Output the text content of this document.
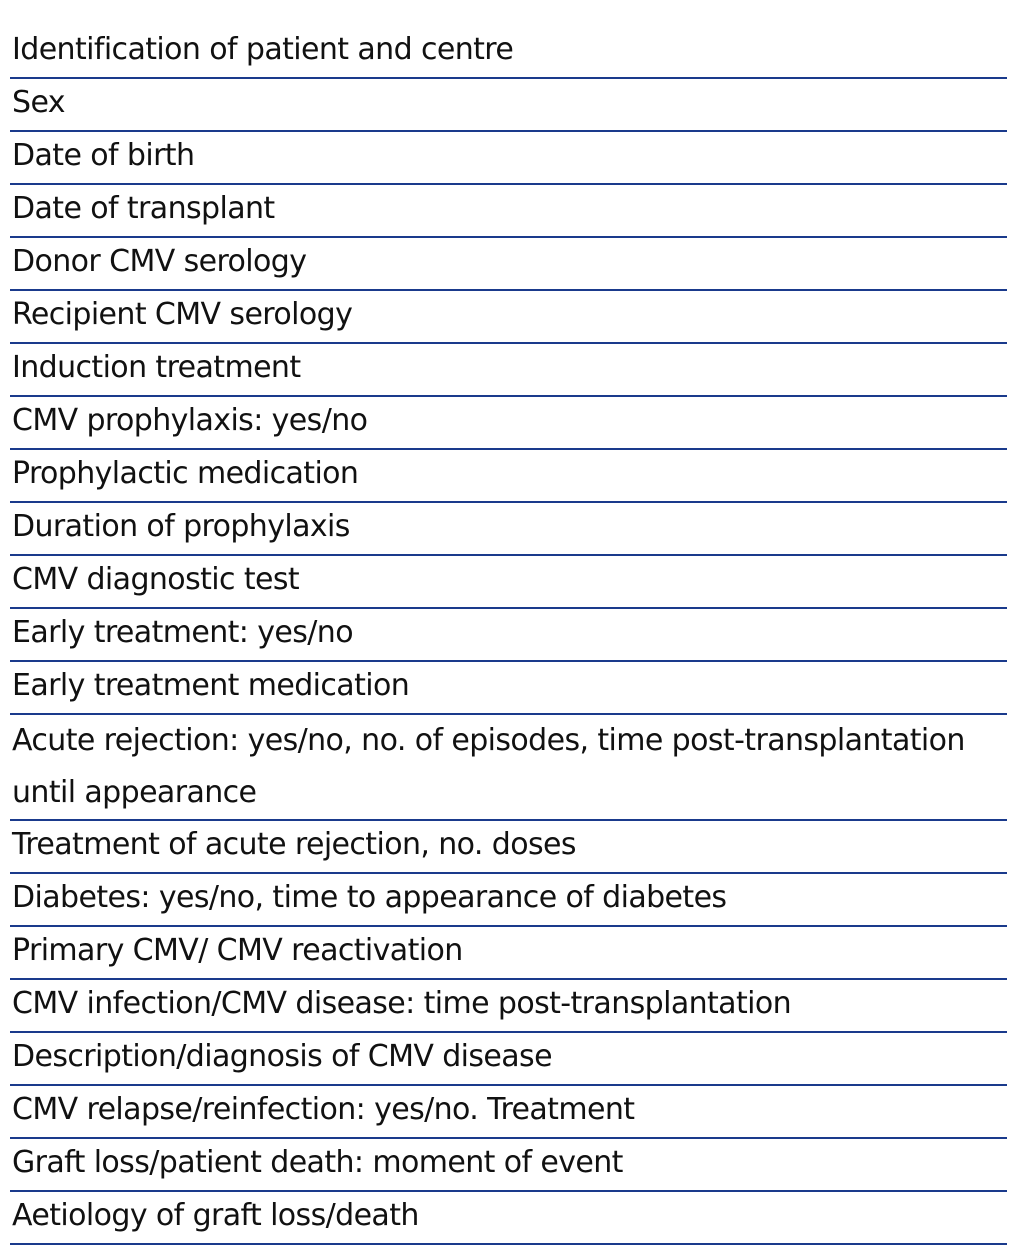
Identification of patient and centre
Sex
Date of birth
Date of transplant
Donor CMV serology
Recipient CMV serology
Induction treatment
CMV prophylaxis: yes/no
Prophylactic medication
Duration of prophylaxis
CMV diagnostic test
Early treatment: yes/no
Early treatment medication
Acute rejection: yes/no, no. of episodes, time post-transplantation until appearance
Treatment of acute rejection, no. doses
Diabetes: yes/no, time to appearance of diabetes
Primary CMV/ CMV reactivation
CMV infection/CMV disease: time post-transplantation
Description/diagnosis of CMV disease
CMV relapse/reinfection: yes/no. Treatment
Graft loss/patient death: moment of event
Aetiology of graft loss/death
